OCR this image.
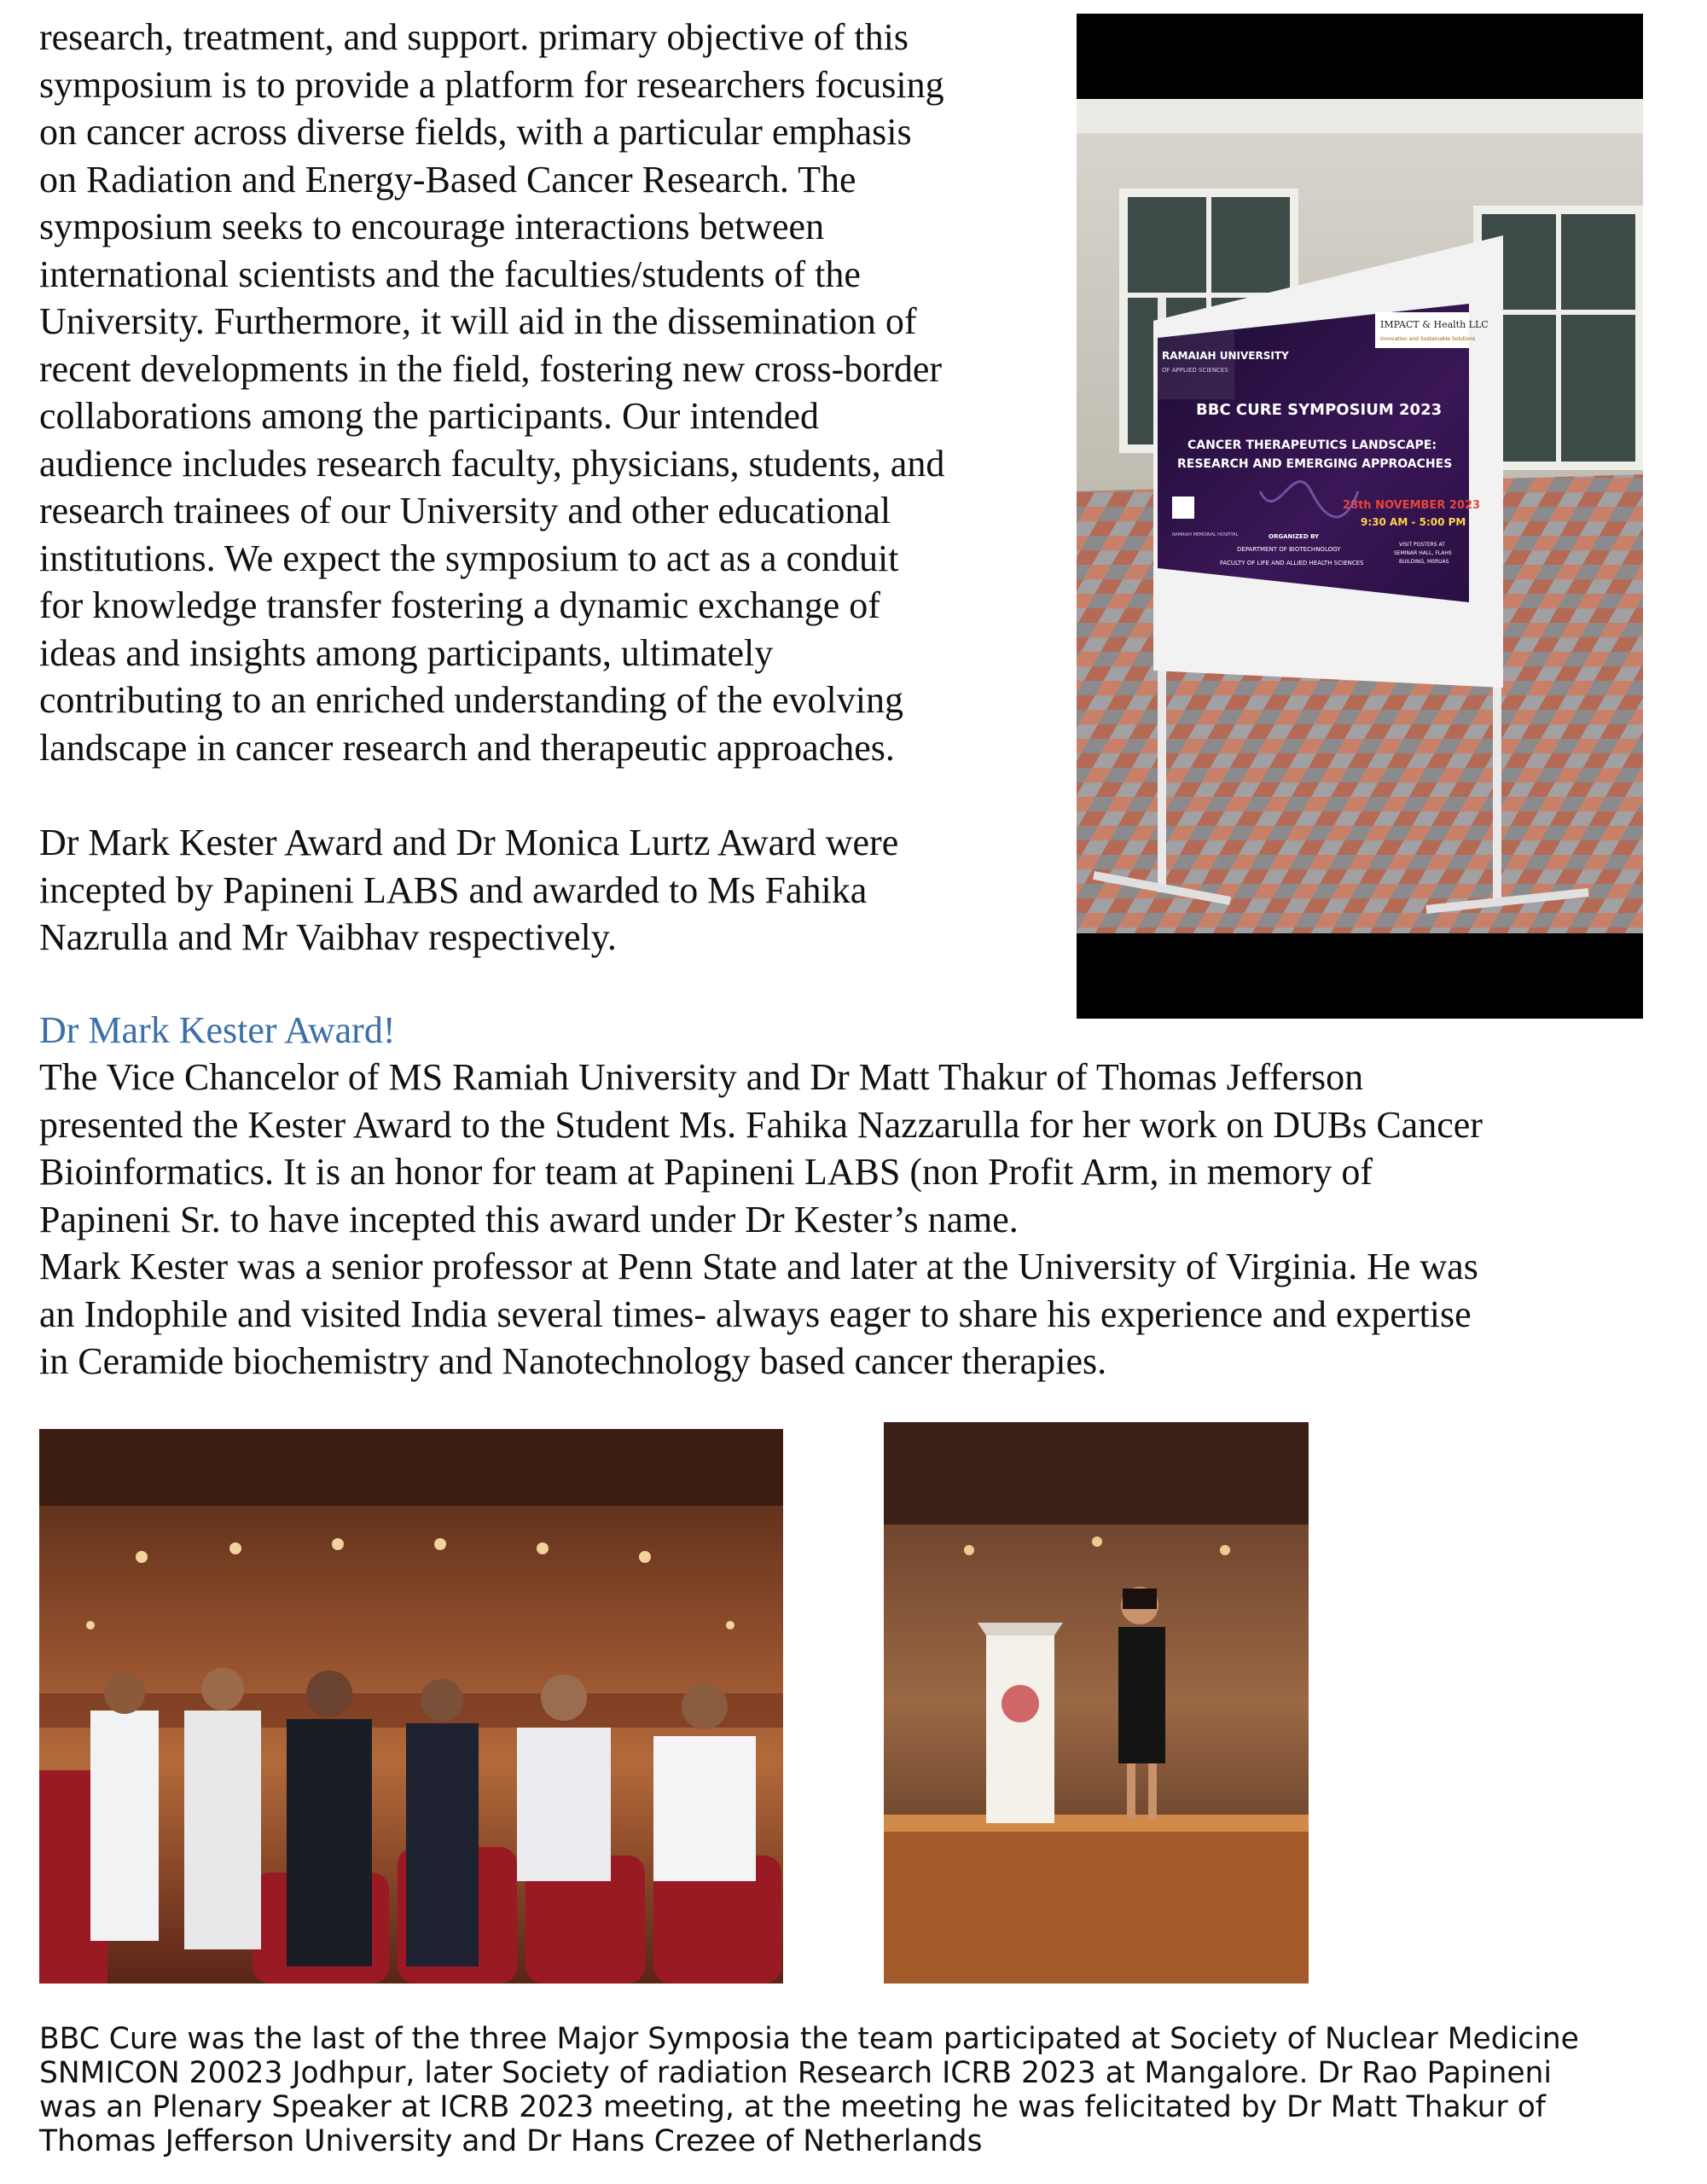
research, treatment, and support. primary objective of this

symposium is to provide a platform for researchers focusing

on cancer across diverse fields, with a particular emphasis

on Radiation and Energy-Based Cancer Research. The

symposium seeks to encourage interactions between

international scientists and the faculties/students of the

University. Furthermore, it will aid in the dissemination of

recent developments in the field, fostering new cross-border

collaborations among the participants. Our intended

audience includes research faculty, physicians, students, and

research trainees of our University and other educational

institutions. We expect the symposium to act as a conduit

for knowledge transfer fostering a dynamic exchange of

ideas and insights among participants, ultimately

contributing to an enriched understanding of the evolving

landscape in cancer research and therapeutic approaches.

Dr Mark Kester Award and Dr Monica Lurtz Award were

incepted by Papineni LABS and awarded to Ms Fahika

Nazrulla and Mr Vaibhav respectively.

Dr Mark Kester Award!

The Vice Chancelor of MS Ramiah University and Dr Matt Thakur of Thomas Jefferson

presented the Kester Award to the Student Ms. Fahika Nazzarulla for her work on DUBs Cancer

Bioinformatics. It is an honor for team at Papineni LABS (non Profit Arm, in memory of

Papineni Sr. to have incepted this award under Dr Kester’s name.

Mark Kester was a senior professor at Penn State and later at the University of Virginia. He was

an Indophile and visited India several times- always eager to share his experience and expertise

in Ceramide biochemistry and Nanotechnology based cancer therapies.

RAMAIAH UNIVERSITY
OF APPLIED SCIENCES
IMPACT & Health LLC
Innovation and Sustainable Solutions
BBC CURE SYMPOSIUM 2023
CANCER THERAPEUTICS LANDSCAPE:
RESEARCH AND EMERGING APPROACHES
28th NOVEMBER 2023
9:30 AM - 5:00 PM
ORGANIZED BY
DEPARTMENT OF BIOTECHNOLOGY
FACULTY OF LIFE AND ALLIED HEALTH SCIENCES
RAMAIAH MEMORIAL HOSPITAL
VISIT POSTERS AT
SEMINAR HALL, FLAHS
BUILDING, MSRUAS
BBC Cure was the last of the three Major Symposia the team participated at Society of Nuclear Medicine
SNMICON 20023 Jodhpur, later Society of radiation Research ICRB 2023 at Mangalore. Dr Rao Papineni
was an Plenary Speaker at ICRB 2023 meeting, at the meeting he was felicitated by Dr Matt Thakur of
Thomas Jefferson University and Dr Hans Crezee of Netherlands
